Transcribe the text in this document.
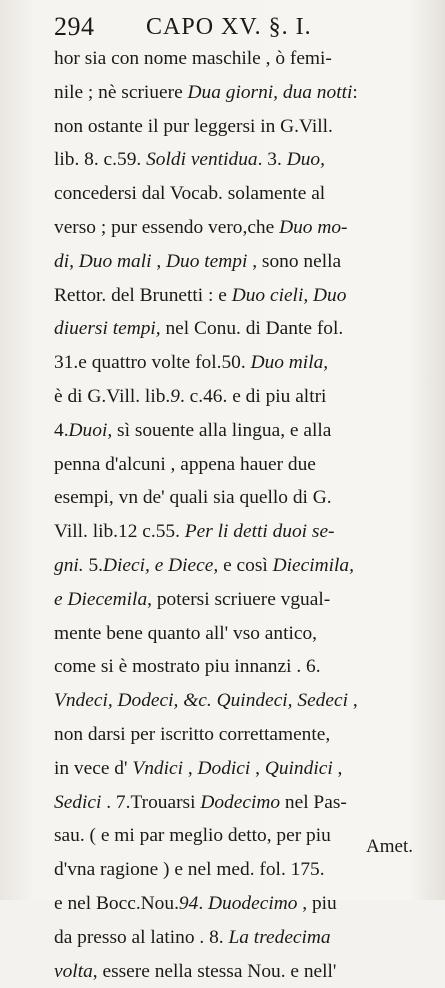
294 CAPO XV. §. I.
hor sia con nome maschile , ò femi-
nile ; nè scriuere Dua giorni, dua notti:
non ostante il pur leggersi in G.Vill.
lib. 8. c.59. Soldi ventidua. 3. Duo,
concedersi dal Vocab. solamente al
verso ; pur essendo vero,che Duo mo-
di, Duo mali , Duo tempi , sono nella
Rettor. del Brunetti : e Duo cieli, Duo
diuersi tempi, nel Conu. di Dante fol.
31.e quattro volte fol.50. Duo mila,
è di G.Vill. lib.9. c.46. e di piu altri
4.Duoi, sì souente alla lingua, e alla
penna d'alcuni , appena hauer due
esempi, vn de' quali sia quello di G.
Vill. lib.12 c.55. Per li detti duoi se-
gni. 5.Dieci, e Diece, e così Diecimila,
e Diecemila, potersi scriuere vgual-
mente bene quanto all' vso antico,
come si è mostrato piu innanzi . 6.
Vndeci, Dodeci, &c. Quindeci, Sedeci ,
non darsi per iscritto correttamente,
in vece d' Vndici , Dodici , Quindici ,
Sedici . 7.Trouarsi Dodecimo nel Pas-
sau. ( e mi par meglio detto, per piu
d'vna ragione ) e nel med. fol. 175.
e nel Bocc.Nou.94. Duodecimo , piu
da presso al latino . 8. La tredecima
volta, essere nella stessa Nou. e nell'
Amet.
